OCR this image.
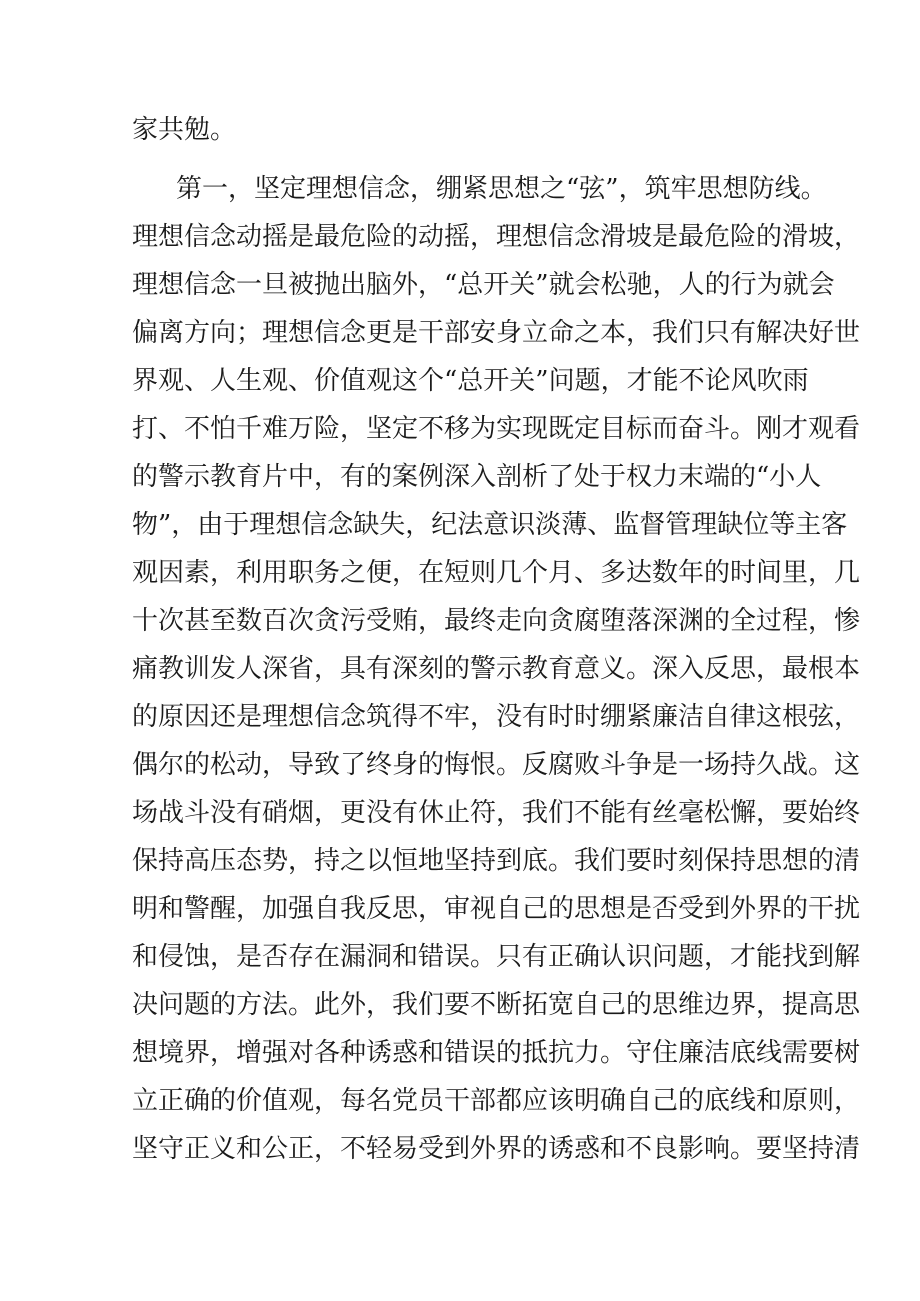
家共勉。
第一，坚定理想信念，绷紧思想之“弦”，筑牢思想防线。
理想信念动摇是最危险的动摇，理想信念滑坡是最危险的滑坡，
理想信念一旦被抛出脑外，“总开关”就会松驰，人的行为就会
偏离方向；理想信念更是干部安身立命之本，我们只有解决好世
界观、人生观、价值观这个“总开关”问题，才能不论风吹雨
打、不怕千难万险，坚定不移为实现既定目标而奋斗。刚才观看
的警示教育片中，有的案例深入剖析了处于权力末端的“小人
物”，由于理想信念缺失，纪法意识淡薄、监督管理缺位等主客
观因素，利用职务之便，在短则几个月、多达数年的时间里，几
十次甚至数百次贪污受贿，最终走向贪腐堕落深渊的全过程，惨
痛教训发人深省，具有深刻的警示教育意义。深入反思，最根本
的原因还是理想信念筑得不牢，没有时时绷紧廉洁自律这根弦，
偶尔的松动，导致了终身的悔恨。反腐败斗争是一场持久战。这
场战斗没有硝烟，更没有休止符，我们不能有丝毫松懈，要始终
保持高压态势，持之以恒地坚持到底。我们要时刻保持思想的清
明和警醒，加强自我反思，审视自己的思想是否受到外界的干扰
和侵蚀，是否存在漏洞和错误。只有正确认识问题，才能找到解
决问题的方法。此外，我们要不断拓宽自己的思维边界，提高思
想境界，增强对各种诱惑和错误的抵抗力。守住廉洁底线需要树
立正确的价值观，每名党员干部都应该明确自己的底线和原则，
坚守正义和公正，不轻易受到外界的诱惑和不良影响。要坚持清
